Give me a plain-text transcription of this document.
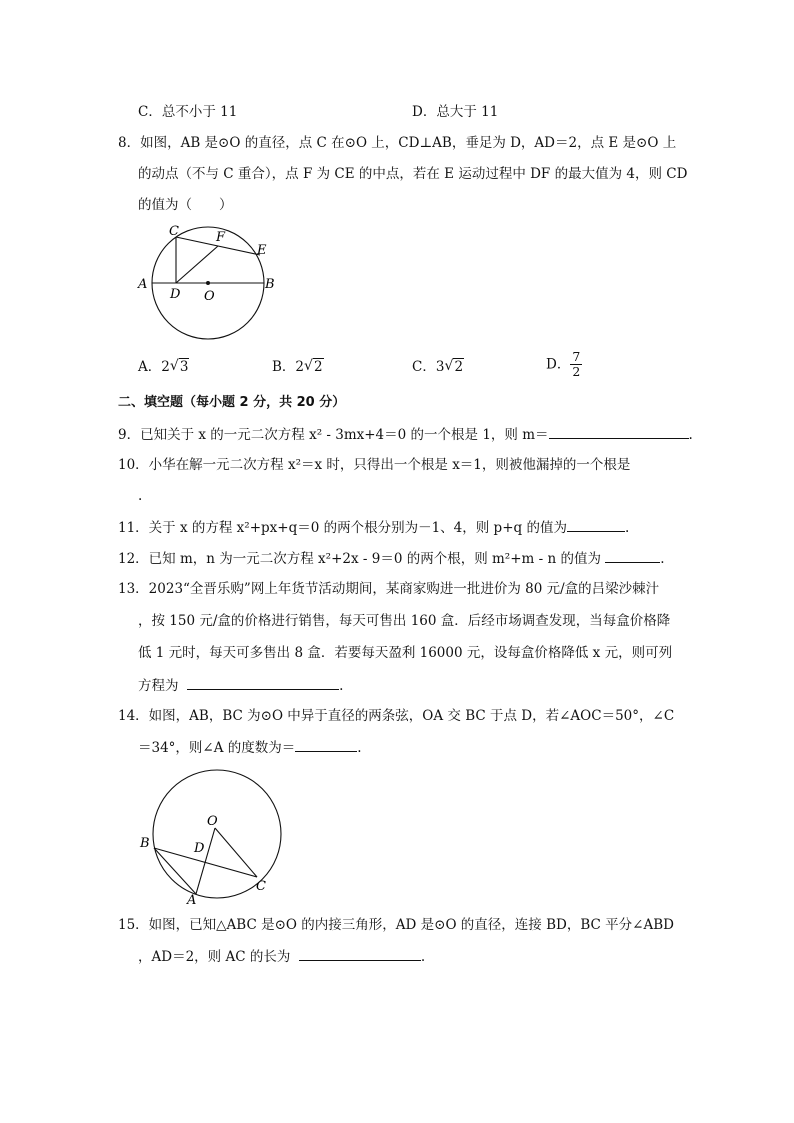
C．总不小于 11	D．总大于 11
8．如图，AB 是⊙O 的直径，点 C 在⊙O 上，CD⊥AB，垂足为 D，AD＝2，点 E 是⊙O 上
的动点（不与 C 重合），点 F 为 CE 的中点，若在 E 运动过程中 DF 的最大值为 4，则 CD
的值为（　　）
A	B
C
D
E
F
O
A．2 √ 3	B．2 √ 2	C．3 √ 2	D． $\frac{7}{2}$
二、填空题（每小题 2 分，共 20 分）
9．已知关于 x 的一元二次方程 x² - 3mx+4＝0 的一个根是 1，则 m＝	.
10．小华在解一元二次方程 x²＝x 时，只得出一个根是 x＝1，则被他漏掉的一个根是
.
11．关于 x 的方程 x²+px+q＝0 的两个根分别为－1、4，则 p+q 的值为	.
12．已知 m，n 为一元二次方程 x²+2x - 9＝0 的两个根，则 m²+m - n 的值为	.
13．2023“全晋乐购”网上年货节活动期间，某商家购进一批进价为 80 元/盒的吕梁沙棘汁
，按 150 元/盒的价格进行销售，每天可售出 160 盒．后经市场调查发现，当每盒价格降
低 1 元时，每天可多售出 8 盒．若要每天盈利 16000 元，设每盒价格降低 x 元，则可列
方程为	.
14．如图，AB，BC 为⊙O 中异于直径的两条弦，OA 交 BC 于点 D，若∠AOC＝50°，∠C
＝34°，则∠A 的度数为＝	.
O
B	D
A
C
15．如图，已知△ABC 是⊙O 的内接三角形，AD 是⊙O 的直径，连接 BD，BC 平分∠ABD
，AD＝2，则 AC 的长为	.
